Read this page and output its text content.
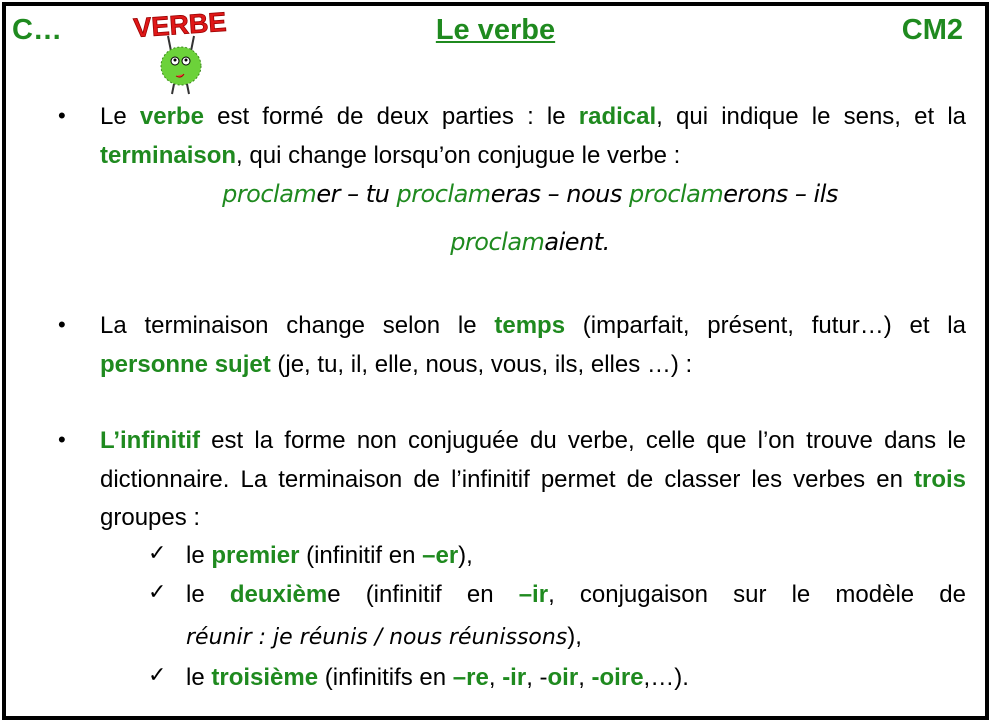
C…	Le verbe	CM2
VERBE
• Le verbe est formé de deux parties : le radical, qui indique le sens, et la terminaison, qui change lorsqu’on conjugue le verbe :
proclamer – tu proclameras – nous proclamerons – ils
proclamaient.
• La terminaison change selon le temps (imparfait, présent, futur…) et la personne sujet (je, tu, il, elle, nous, vous, ils, elles …) :
• L’infinitif est la forme non conjuguée du verbe, celle que l’on trouve dans le dictionnaire. La terminaison de l’infinitif permet de classer les verbes en trois groupes :
✓ le premier (infinitif en –er),
✓ le deuxième (infinitif en –ir, conjugaison sur le modèle de
réunir : je réunis / nous réunissons),
✓ le troisième (infinitifs en –re, -ir, -oir, -oire,…).
